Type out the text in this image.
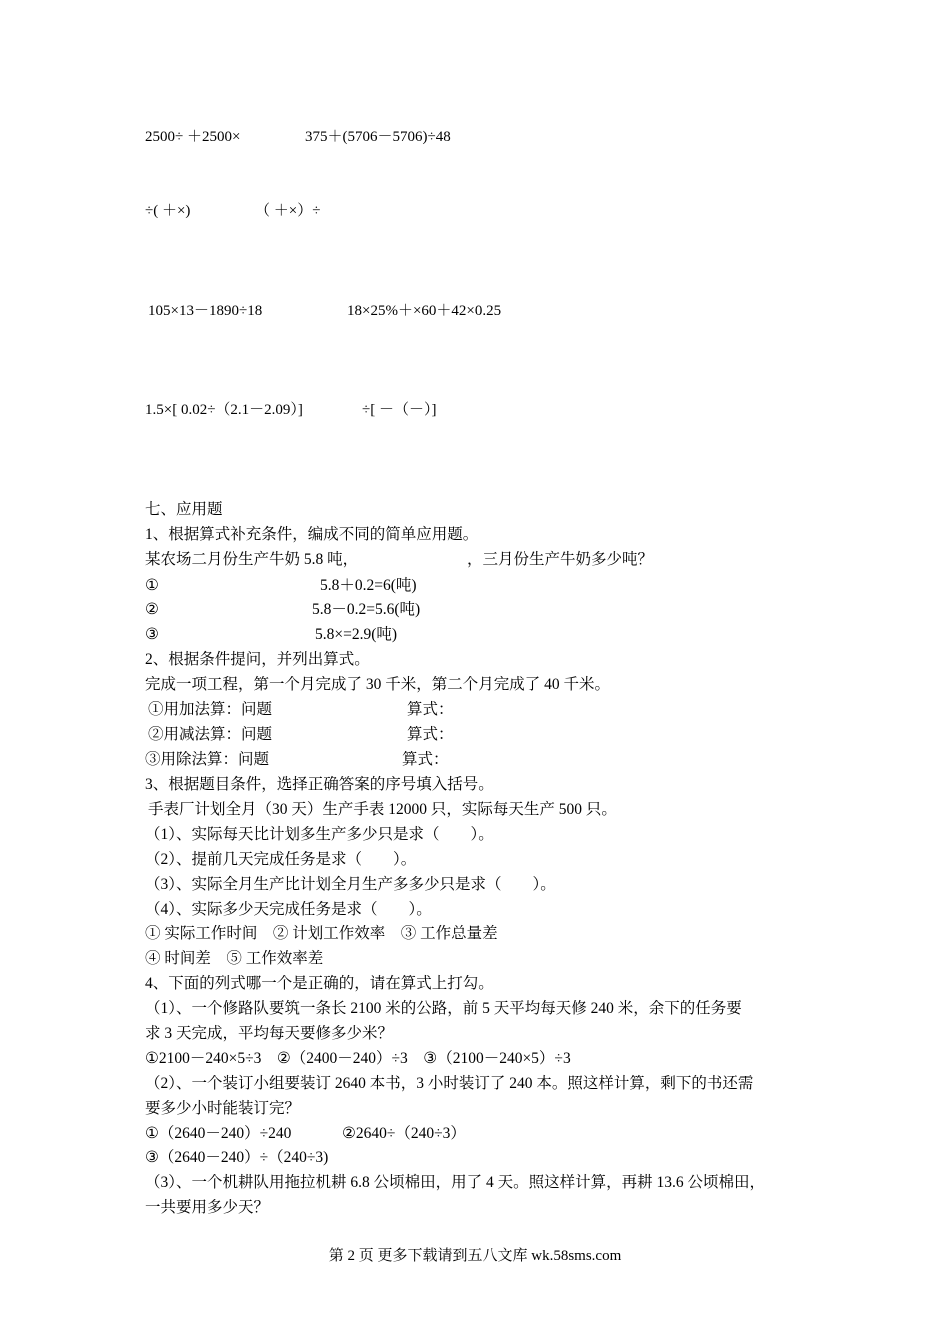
2500÷ ＋2500×	375＋(5706－5706)÷48
÷( ＋×)	（ ＋×）÷
105×13－1890÷18	18×25%＋×60＋42×0.25
1.5×[ 0.02÷（2.1－2.09）]	÷[ －（－）]
七、应用题
1、根据算式补充条件，编成不同的简单应用题。
某农场二月份生产牛奶 5.8 吨，	，三月份生产牛奶多少吨？
①	5.8＋0.2=6(吨)
②	5.8－0.2=5.6(吨)
③	5.8×=2.9(吨)
2、根据条件提问，并列出算式。
完成一项工程，第一个月完成了 30 千米，第二个月完成了 40 千米。
①用加法算：问题	算式：
②用减法算：问题	算式：
③用除法算：问题	算式：
3、根据题目条件，选择正确答案的序号填入括号。
手表厂计划全月（30 天）生产手表 12000 只，实际每天生产 500 只。
（1）、实际每天比计划多生产多少只是求（　　）。
（2）、提前几天完成任务是求（　　）。
（3）、实际全月生产比计划全月生产多多少只是求（　　）。
（4）、实际多少天完成任务是求（　　）。
① 实际工作时间　② 计划工作效率　③ 工作总量差
④ 时间差　⑤ 工作效率差
4、下面的列式哪一个是正确的，请在算式上打勾。
（1）、一个修路队要筑一条长 2100 米的公路，前 5 天平均每天修 240 米，余下的任务要
求 3 天完成，平均每天要修多少米？
①2100－240×5÷3　②（2400－240）÷3　③（2100－240×5）÷3
（2）、一个装订小组要装订 2640 本书，3 小时装订了 240 本。照这样计算，剩下的书还需
要多少小时能装订完？
①（2640－240）÷240	②2640÷（240÷3）
③（2640－240）÷（240÷3)
（3）、一个机耕队用拖拉机耕 6.8 公顷棉田，用了 4 天。照这样计算，再耕 13.6 公顷棉田，
一共要用多少天？
第 2 页 更多下载请到五八文库 wk.58sms.com
